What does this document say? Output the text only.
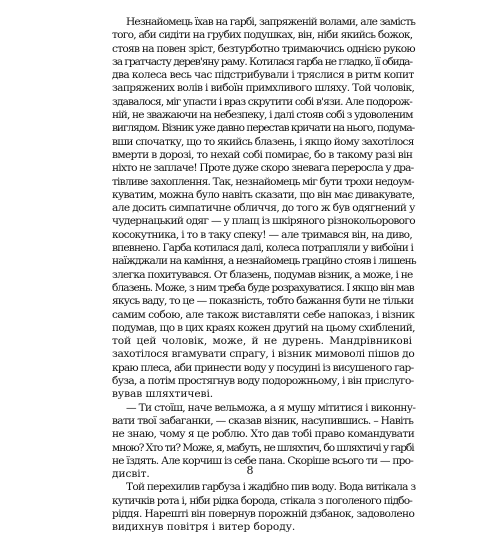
Незнайомець їхав на гарбі, запряженій волами, але замість
того, аби сидіти на грубих подушках, він, ніби якийсь божок,
стояв на повен зріст, безтурботно тримаючись однією рукою
за гратчасту дерев'яну раму. Котилася гарба не гладко, її обида-
два колеса весь час підстрибували і тряслися в ритм копит
запряжених волів і вибоїн примхливого шляху. Той чоловік,
здавалося, міг упасти і враз скрутити собі в'язи. Але подорож-
ній, не зважаючи на небезпеку, і далі стояв собі з удоволеним
виглядом. Візник уже давно перестав кричати на нього, подума-
вши спочатку, що то якийсь блазень, і якщо йому захотілося
вмерти в дорозі, то нехай собі помирає, бо в такому разі він
ніхто не заплаче! Проте дуже скоро зневага переросла у дра-
тівливе захоплення. Так, незнайомець міг бути трохи недоум-
куватим, можна було навіть сказати, що він має дивакувате,
але досить симпатичне обличчя, до того ж був одягнений у
чудернацький одяг — у плащ із шкіряного різнокольорового
косокутника, і то в таку спеку! — але тримався він, на диво,
впевнено. Гарба котилася далі, колеса потрапляли у вибоїни і
наїжджали на каміння, а незнайомець грацйно стояв і лишень
злегка похитувався. От блазень, подумав візник, а може, і не
блазень. Може, з ним треба буде розрахуватися. І якщо він мав
якусь ваду, то це — показність, тобто бажання бути не тільки
самим собою, але також виставляти себе напоказ, і візник
подумав, що в цих краях кожен другий на цьому схиблений,
той цей чоловік, може, й не дурень. Мандрівникові
захотілося вгамувати спрагу, і візник мимоволі пішов до
краю плеса, аби принести воду у посудині із висушеного гар-
буза, а потім простягнув воду подорожньому, і він прислуго-
вував шляхтичеві.
— Ти стоїш, наче вельможа, а я мушу мітитися і виконну-
вати твої забаганки, — сказав візник, насупившись. – Навіть
не знаю, чому я це роблю. Хто дав тобі право командувати
мною? Хто ти? Може, я, мабуть, не шляхтич, бо шляхтичі у гарбі
не їздять. Але корчиш із себе пана. Скоріше всього ти — про-
дисвіт.
Той перехилив гарбуза і жадібно пив воду. Вода витікала з
кутичків рота і, ніби рідка борода, стікала з поголеного підбо-
ріддя. Нарешті він повернув порожній дзбанок, задоволено
видихнув повітря і витер бороду.
8
